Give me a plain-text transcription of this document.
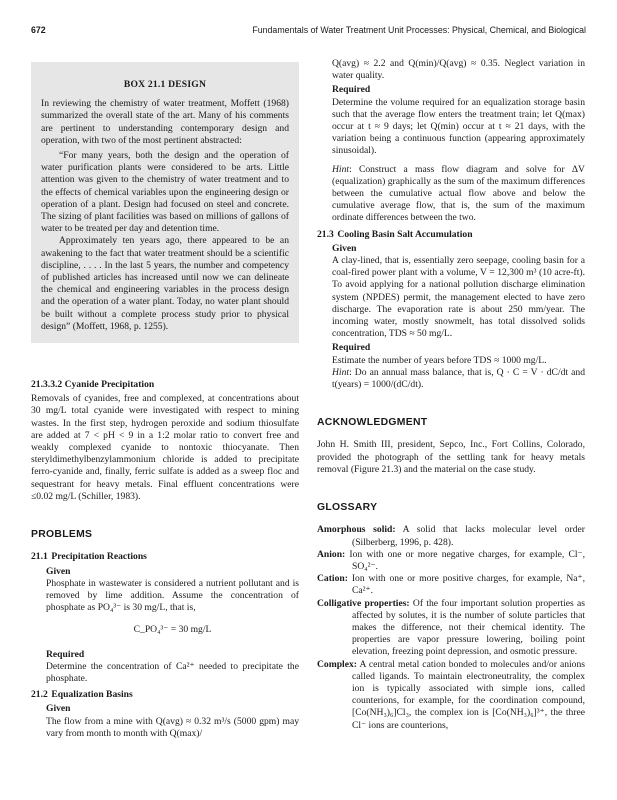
672	Fundamentals of Water Treatment Unit Processes: Physical, Chemical, and Biological
BOX 21.1 DESIGN

In reviewing the chemistry of water treatment, Moffett (1968) summarized the overall state of the art. Many of his comments are pertinent to understanding contemporary design and operation, with two of the most pertinent abstracted:

“For many years, both the design and the operation of water purification plants were considered to be arts. Little attention was given to the chemistry of water treatment and to the effects of chemical variables upon the engineering design or operation of a plant. Design had focused on steel and concrete. The sizing of plant facilities was based on millions of gallons of water to be treated per day and detention time.

Approximately ten years ago, there appeared to be an awakening to the fact that water treatment should be a scientific discipline, . . . . In the last 5 years, the number and competency of published articles has increased until now we can delineate the chemical and engineering variables in the process design and the operation of a water plant. Today, no water plant should be built without a complete process study prior to physical design” (Moffett, 1968, p. 1255).

21.3.3.2 Cyanide Precipitation

Removals of cyanides, free and complexed, at concentrations about 30 mg/L total cyanide were investigated with respect to mining wastes. In the first step, hydrogen peroxide and sodium thiosulfate are added at 7 < pH < 9 in a 1:2 molar ratio to convert free and weakly complexed cyanide to nontoxic thiocyanate. Then steryldimethylbenzylammonium chloride is added to precipitate ferro-cyanide and, finally, ferric sulfate is added as a sweep floc and sequestrant for heavy metals. Final effluent concentrations were ≤0.02 mg/L (Schiller, 1983).

PROBLEMS
21.1 Precipitation Reactions
Given

Phosphate in wastewater is considered a nutrient pollutant and is removed by lime addition. Assume the concentration of phosphate as PO₄³⁻ is 30 mg/L, that is,

C_PO₄³⁻ = 30 mg/L
Required

Determine the concentration of Ca²⁺ needed to precipitate the phosphate.

21.2 Equalization Basins
Given

The flow from a mine with Q(avg) ≈ 0.32 m³/s (5000 gpm) may vary from month to month with Q(max)/

Q(avg) ≈ 2.2 and Q(min)/Q(avg) ≈ 0.35. Neglect variation in water quality.

Required

Determine the volume required for an equalization storage basin such that the average flow enters the treatment train; let Q(max) occur at t ≈ 9 days; let Q(min) occur at t ≈ 21 days, with the variation being a continuous function (appearing approximately sinusoidal).

Hint: Construct a mass flow diagram and solve for ΔV (equalization) graphically as the sum of the maximum differences between the cumulative actual flow above and below the cumulative average flow, that is, the sum of the maximum ordinate differences between the two.

21.3 Cooling Basin Salt Accumulation
Given

A clay-lined, that is, essentially zero seepage, cooling basin for a coal-fired power plant with a volume, V = 12,300 m³ (10 acre-ft). To avoid applying for a national pollution discharge elimination system (NPDES) permit, the management elected to have zero discharge. The evaporation rate is about 250 mm/year. The incoming water, mostly snowmelt, has total dissolved solids concentration, TDS ≈ 50 mg/L.

Required

Estimate the number of years before TDS ≈ 1000 mg/L.

Hint: Do an annual mass balance, that is, Q · C = V · dC/dt and t(years) = 1000/(dC/dt).

ACKNOWLEDGMENT

John H. Smith III, president, Sepco, Inc., Fort Collins, Colorado, provided the photograph of the settling tank for heavy metals removal (Figure 21.3) and the material on the case study.

GLOSSARY

Amorphous solid: A solid that lacks molecular level order (Silberberg, 1996, p. 428).

Anion: Ion with one or more negative charges, for example, Cl⁻, SO₄²⁻.

Cation: Ion with one or more positive charges, for example, Na⁺, Ca²⁺.

Colligative properties: Of the four important solution properties as affected by solutes, it is the number of solute particles that makes the difference, not their chemical identity. The properties are vapor pressure lowering, boiling point elevation, freezing point depression, and osmotic pressure.

Complex: A central metal cation bonded to molecules and/or anions called ligands. To maintain electroneutrality, the complex ion is typically associated with simple ions, called counterions, for example, for the coordination compound, [Co(NH₃)₆]Cl₃, the complex ion is [Co(NH₃)₆]³⁺, the three Cl⁻ ions are counterions,
